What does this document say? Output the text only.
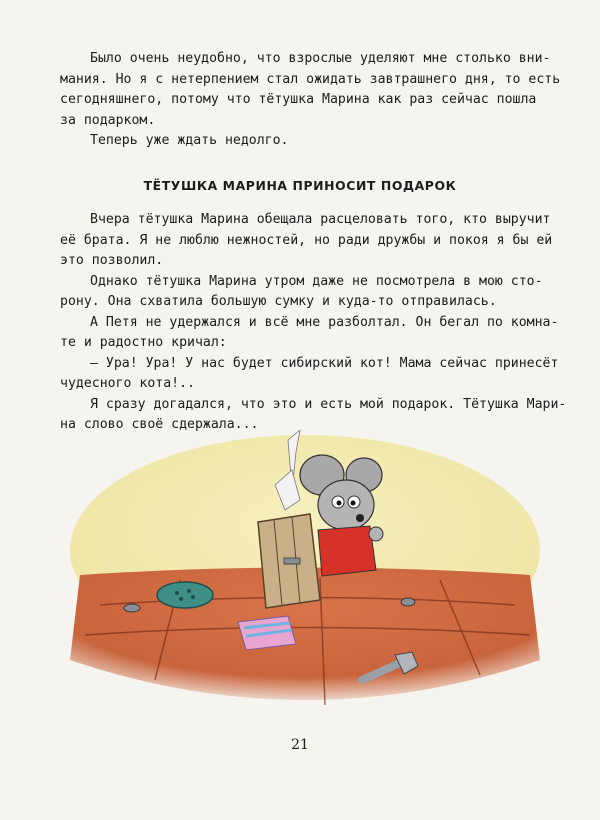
Было очень неудобно, что взрослые уделяют мне столько вни-
мания. Но я с нетерпением стал ожидать завтрашнего дня, то есть
сегодняшнего, потому что тётушка Марина как раз сейчас пошла
за подарком.
Теперь уже ждать недолго.
ТЁТУШКА МАРИНА ПРИНОСИТ ПОДАРОК
Вчера тётушка Марина обещала расцеловать того, кто выручит
её брата. Я не люблю нежностей, но ради дружбы и покоя я бы ей
это позволил.
Однако тётушка Марина утром даже не посмотрела в мою сто-
рону. Она схватила большую сумку и куда-то отправилась.
А Петя не удержался и всё мне разболтал. Он бегал по комна-
те и радостно кричал:
— Ура! Ура! У нас будет сибирский кот! Мама сейчас принесёт
чудесного кота!..
Я сразу догадался, что это и есть мой подарок. Тётушка Мари-
на слово своё сдержала...
21
